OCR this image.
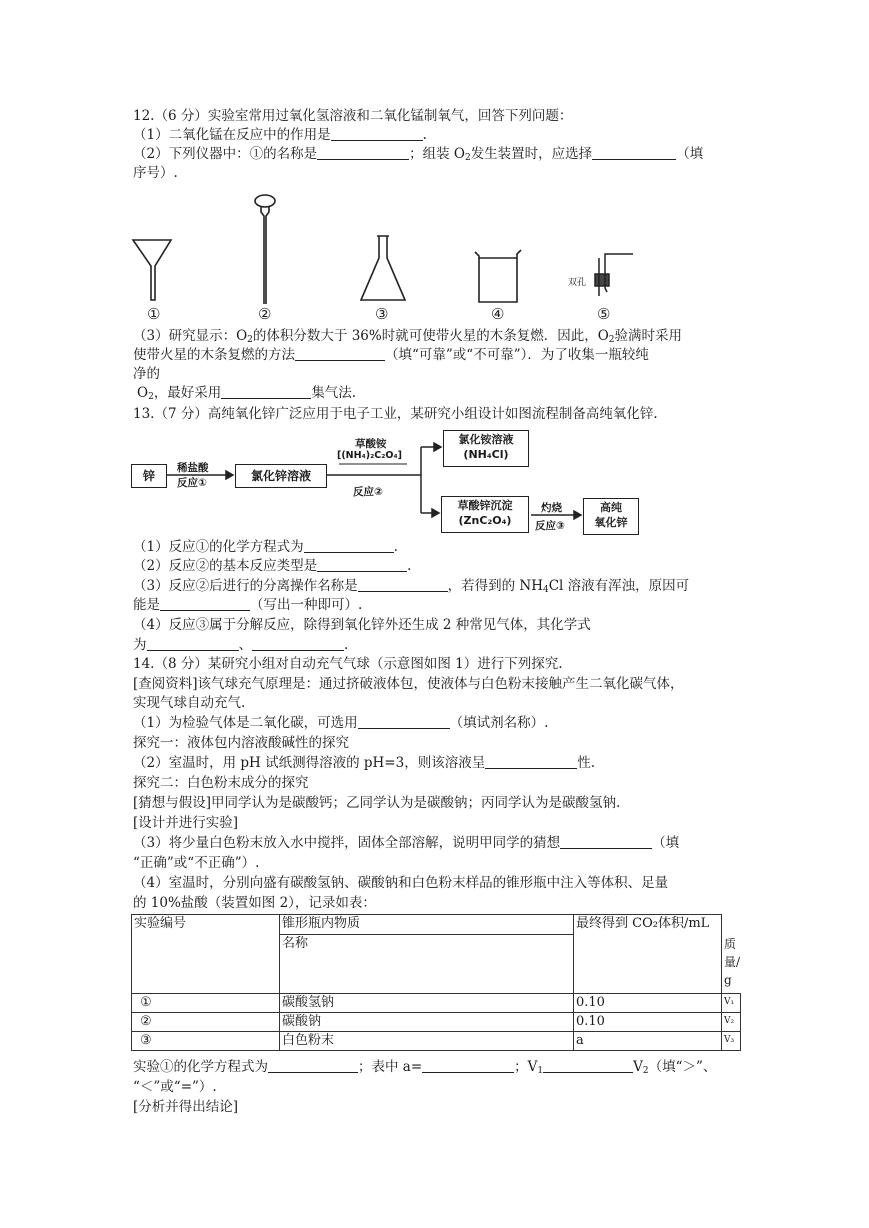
12.（6 分）实验室常用过氧化氢溶液和二氧化锰制氧气，回答下列问题：
（1）二氧化锰在反应中的作用是	.
（2）下列仪器中：①的名称是	；组装 $O_2$发生装置时，应选择	（填
序号）.
双孔
①	②	③	④	⑤
（3）研究显示：$O_2$的体积分数大于 36%时就可使带火星的木条复燃．因此，$O_2$验满时采用
使带火星的木条复燃的方法	（填“可靠”或“不可靠”）．为了收集一瓶较纯
净的
$O_2$，最好采用	集气法.
13.（7 分）高纯氧化锌广泛应用于电子工业，某研究小组设计如图流程制备高纯氧化锌.
锌
稀盐酸
反应①	氯化锌溶液
草酸铵
[(NH₄)₂C₂O₄]
反应②
氯化铵溶液
(NH₄Cl)
草酸锌沉淀
(ZnC₂O₄)
灼烧
反应③
高纯
氧化锌
（1）反应①的化学方程式为	.
（2）反应②的基本反应类型是	.
（3）反应②后进行的分离操作名称是	，若得到的 $NH_4Cl$ 溶液有浑浊，原因可
能是	（写出一种即可）.
（4）反应③属于分解反应，除得到氧化锌外还生成 2 种常见气体，其化学式
为	、	.
14.（8 分）某研究小组对自动充气气球（示意图如图 1）进行下列探究.
[查阅资料]该气球充气原理是：通过挤破液体包，使液体与白色粉末接触产生二氧化碳气体，
实现气球自动充气.
（1）为检验气体是二氧化碳，可选用	（填试剂名称）.
探究一：液体包内溶液酸碱性的探究
（2）室温时，用 pH 试纸测得溶液的 pH=3，则该溶液呈	性.
探究二：白色粉末成分的探究
[猜想与假设]甲同学认为是碳酸钙；乙同学认为是碳酸钠；丙同学认为是碳酸氢钠.
[设计并进行实验]
（3）将少量白色粉末放入水中搅拌，固体全部溶解，说明甲同学的猜想	（填
“正确”或“不正确”）.
（4）室温时，分别向盛有碳酸氢钠、碳酸钠和白色粉末样品的锥形瓶中注入等体积、足量
的 10%盐酸（装置如图 2），记录如表：
实验编号	锥形瓶内物质	最终得到 CO₂体积/mL	质量/g
	名称		
①	碳酸氢钠	0.10	V₁
②	碳酸钠	0.10	V₂
③	白色粉末	a	V₃
实验①的化学方程式为	；表中 a=	；$V_1$	$V_2$（填“＞”、
“＜”或“=”）.
[分析并得出结论]
